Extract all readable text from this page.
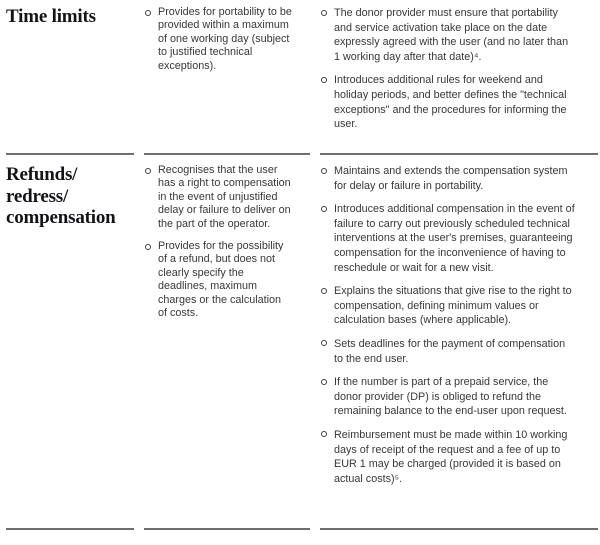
Time limits	Provides for portability to be provided within a maximum of one working day (subject to justified technical exceptions).

The donor provider must ensure that portability and service activation take place on the date expressly agreed with the user (and no later than 1 working day after that date)⁴.

Introduces additional rules for weekend and holiday periods, and better defines the "technical exceptions" and the procedures for informing the user.

Refunds/
redress/
compensation

Recognises that the user has a right to compensation in the event of unjustified delay or failure to deliver on the part of the operator.

Provides for the possibility of a refund, but does not clearly specify the deadlines, maximum charges or the calculation of costs.

Maintains and extends the compensation system for delay or failure in portability.

Introduces additional compensation in the event of failure to carry out previously scheduled technical interventions at the user's premises, guaranteeing compensation for the inconvenience of having to reschedule or wait for a new visit.

Explains the situations that give rise to the right to compensation, defining minimum values or calculation bases (where applicable).

Sets deadlines for the payment of compensation to the end user.

If the number is part of a prepaid service, the donor provider (DP) is obliged to refund the remaining balance to the end-user upon request.

Reimbursement must be made within 10 working days of receipt of the request and a fee of up to EUR 1 may be charged (provided it is based on actual costs)⁵.
